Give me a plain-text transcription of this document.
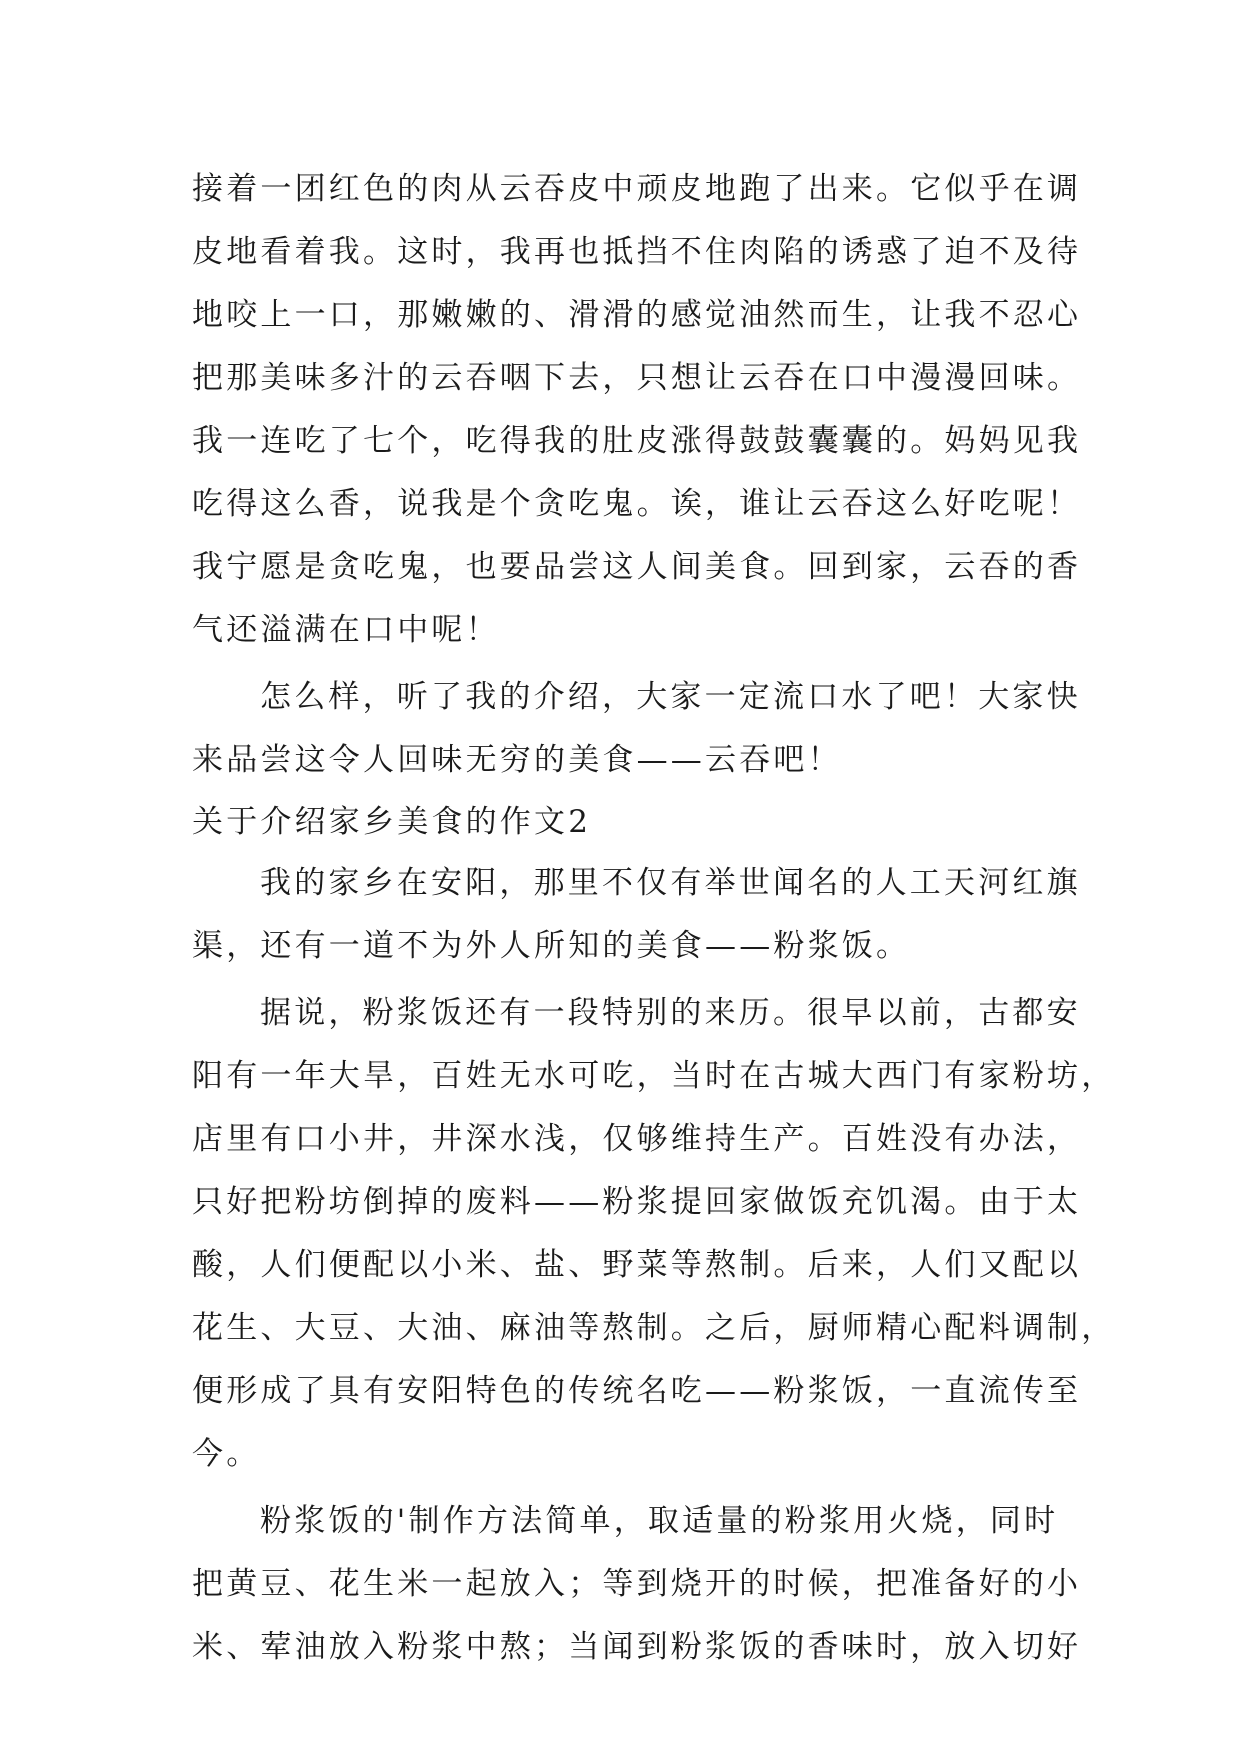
接着一团红色的肉从云吞皮中顽皮地跑了出来。它似乎在调
皮地看着我。这时，我再也抵挡不住肉陷的诱惑了迫不及待
地咬上一口，那嫩嫩的、滑滑的感觉油然而生，让我不忍心
把那美味多汁的云吞咽下去，只想让云吞在口中漫漫回味。
我一连吃了七个，吃得我的肚皮涨得鼓鼓囊囊的。妈妈见我
吃得这么香，说我是个贪吃鬼。诶，谁让云吞这么好吃呢！
我宁愿是贪吃鬼，也要品尝这人间美食。回到家，云吞的香
气还溢满在口中呢！
怎么样，听了我的介绍，大家一定流口水了吧！大家快
来品尝这令人回味无穷的美食——云吞吧！
关于介绍家乡美食的作文2
我的家乡在安阳，那里不仅有举世闻名的人工天河红旗
渠，还有一道不为外人所知的美食——粉浆饭。
据说，粉浆饭还有一段特别的来历。很早以前，古都安
阳有一年大旱，百姓无水可吃，当时在古城大西门有家粉坊，
店里有口小井，井深水浅，仅够维持生产。百姓没有办法，
只好把粉坊倒掉的废料——粉浆提回家做饭充饥渴。由于太
酸，人们便配以小米、盐、野菜等熬制。后来，人们又配以
花生、大豆、大油、麻油等熬制。之后，厨师精心配料调制，
便形成了具有安阳特色的传统名吃——粉浆饭，一直流传至
今。
粉浆饭的'制作方法简单，取适量的粉浆用火烧，同时
把黄豆、花生米一起放入；等到烧开的时候，把准备好的小
米、荤油放入粉浆中熬；当闻到粉浆饭的香味时，放入切好
